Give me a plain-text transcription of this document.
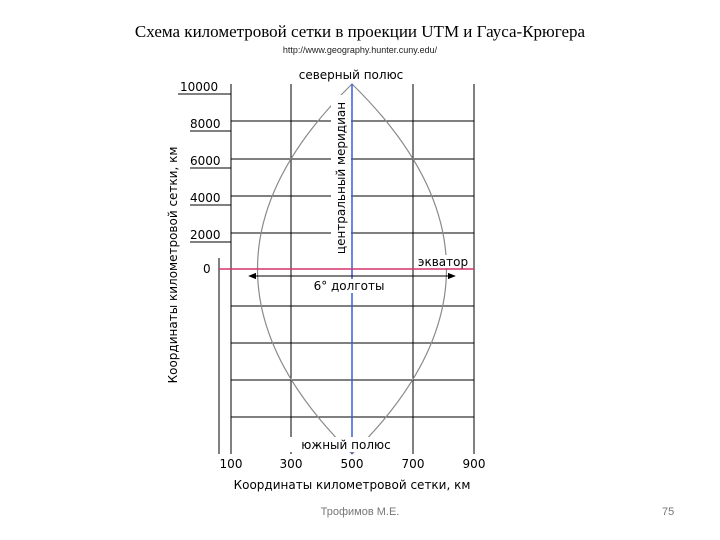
Схема километровой сетки в проекции UTM и Гауса-Крюгера
http://www.geography.hunter.cuny.edu/
10000
8000
6000
4000
2000
0
100	300	500	700	900
Координаты километровой сетки, км
Координаты километровой сетки, км
северный полюс
южный полюс
центральный меридиан
экватор
6° долготы
Трофимов М.Е.	75
